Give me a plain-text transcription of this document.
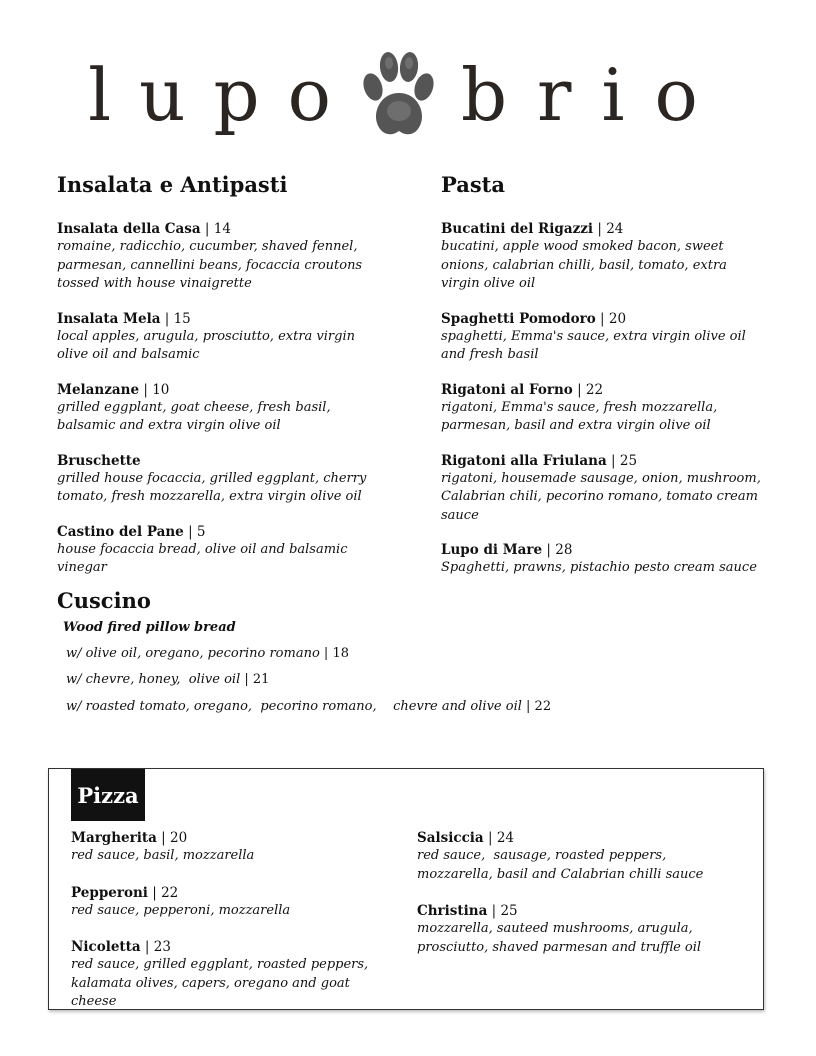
lupo brio
Insalata e Antipasti
Insalata della Casa | 14
romaine, radicchio, cucumber, shaved fennel, parmesan, cannellini beans, focaccia croutons tossed with house vinaigrette
Insalata Mela | 15
local apples, arugula, prosciutto, extra virgin olive oil and balsamic
Melanzane | 10
grilled eggplant, goat cheese, fresh basil, balsamic and extra virgin olive oil
Bruschette
grilled house focaccia, grilled eggplant, cherry tomato, fresh mozzarella, extra virgin olive oil
Castino del Pane | 5
house focaccia bread, olive oil and balsamic vinegar
Pasta
Bucatini del Rigazzi | 24
bucatini, apple wood smoked bacon, sweet onions, calabrian chilli, basil, tomato, extra virgin olive oil
Spaghetti Pomodoro | 20
spaghetti, Emma's sauce, extra virgin olive oil and fresh basil
Rigatoni al Forno | 22
rigatoni, Emma's sauce, fresh mozzarella, parmesan, basil and extra virgin olive oil
Rigatoni alla Friulana | 25
rigatoni, housemade sausage, onion, mushroom, Calabrian chili, pecorino romano, tomato cream sauce
Lupo di Mare | 28
Spaghetti, prawns, pistachio pesto cream sauce
Cuscino
Wood fired pillow bread
w/ olive oil, oregano, pecorino romano | 18
w/ chevre, honey,  olive oil | 21
w/ roasted tomato, oregano,  pecorino romano,    chevre and olive oil | 22
Pizza
Margherita | 20
red sauce, basil, mozzarella
Pepperoni | 22
red sauce, pepperoni, mozzarella
Nicoletta | 23
red sauce, grilled eggplant, roasted peppers, kalamata olives, capers, oregano and goat cheese
Salsiccia | 24
red sauce,  sausage, roasted peppers, mozzarella, basil and Calabrian chilli sauce
Christina | 25
mozzarella, sauteed mushrooms, arugula, prosciutto, shaved parmesan and truffle oil
